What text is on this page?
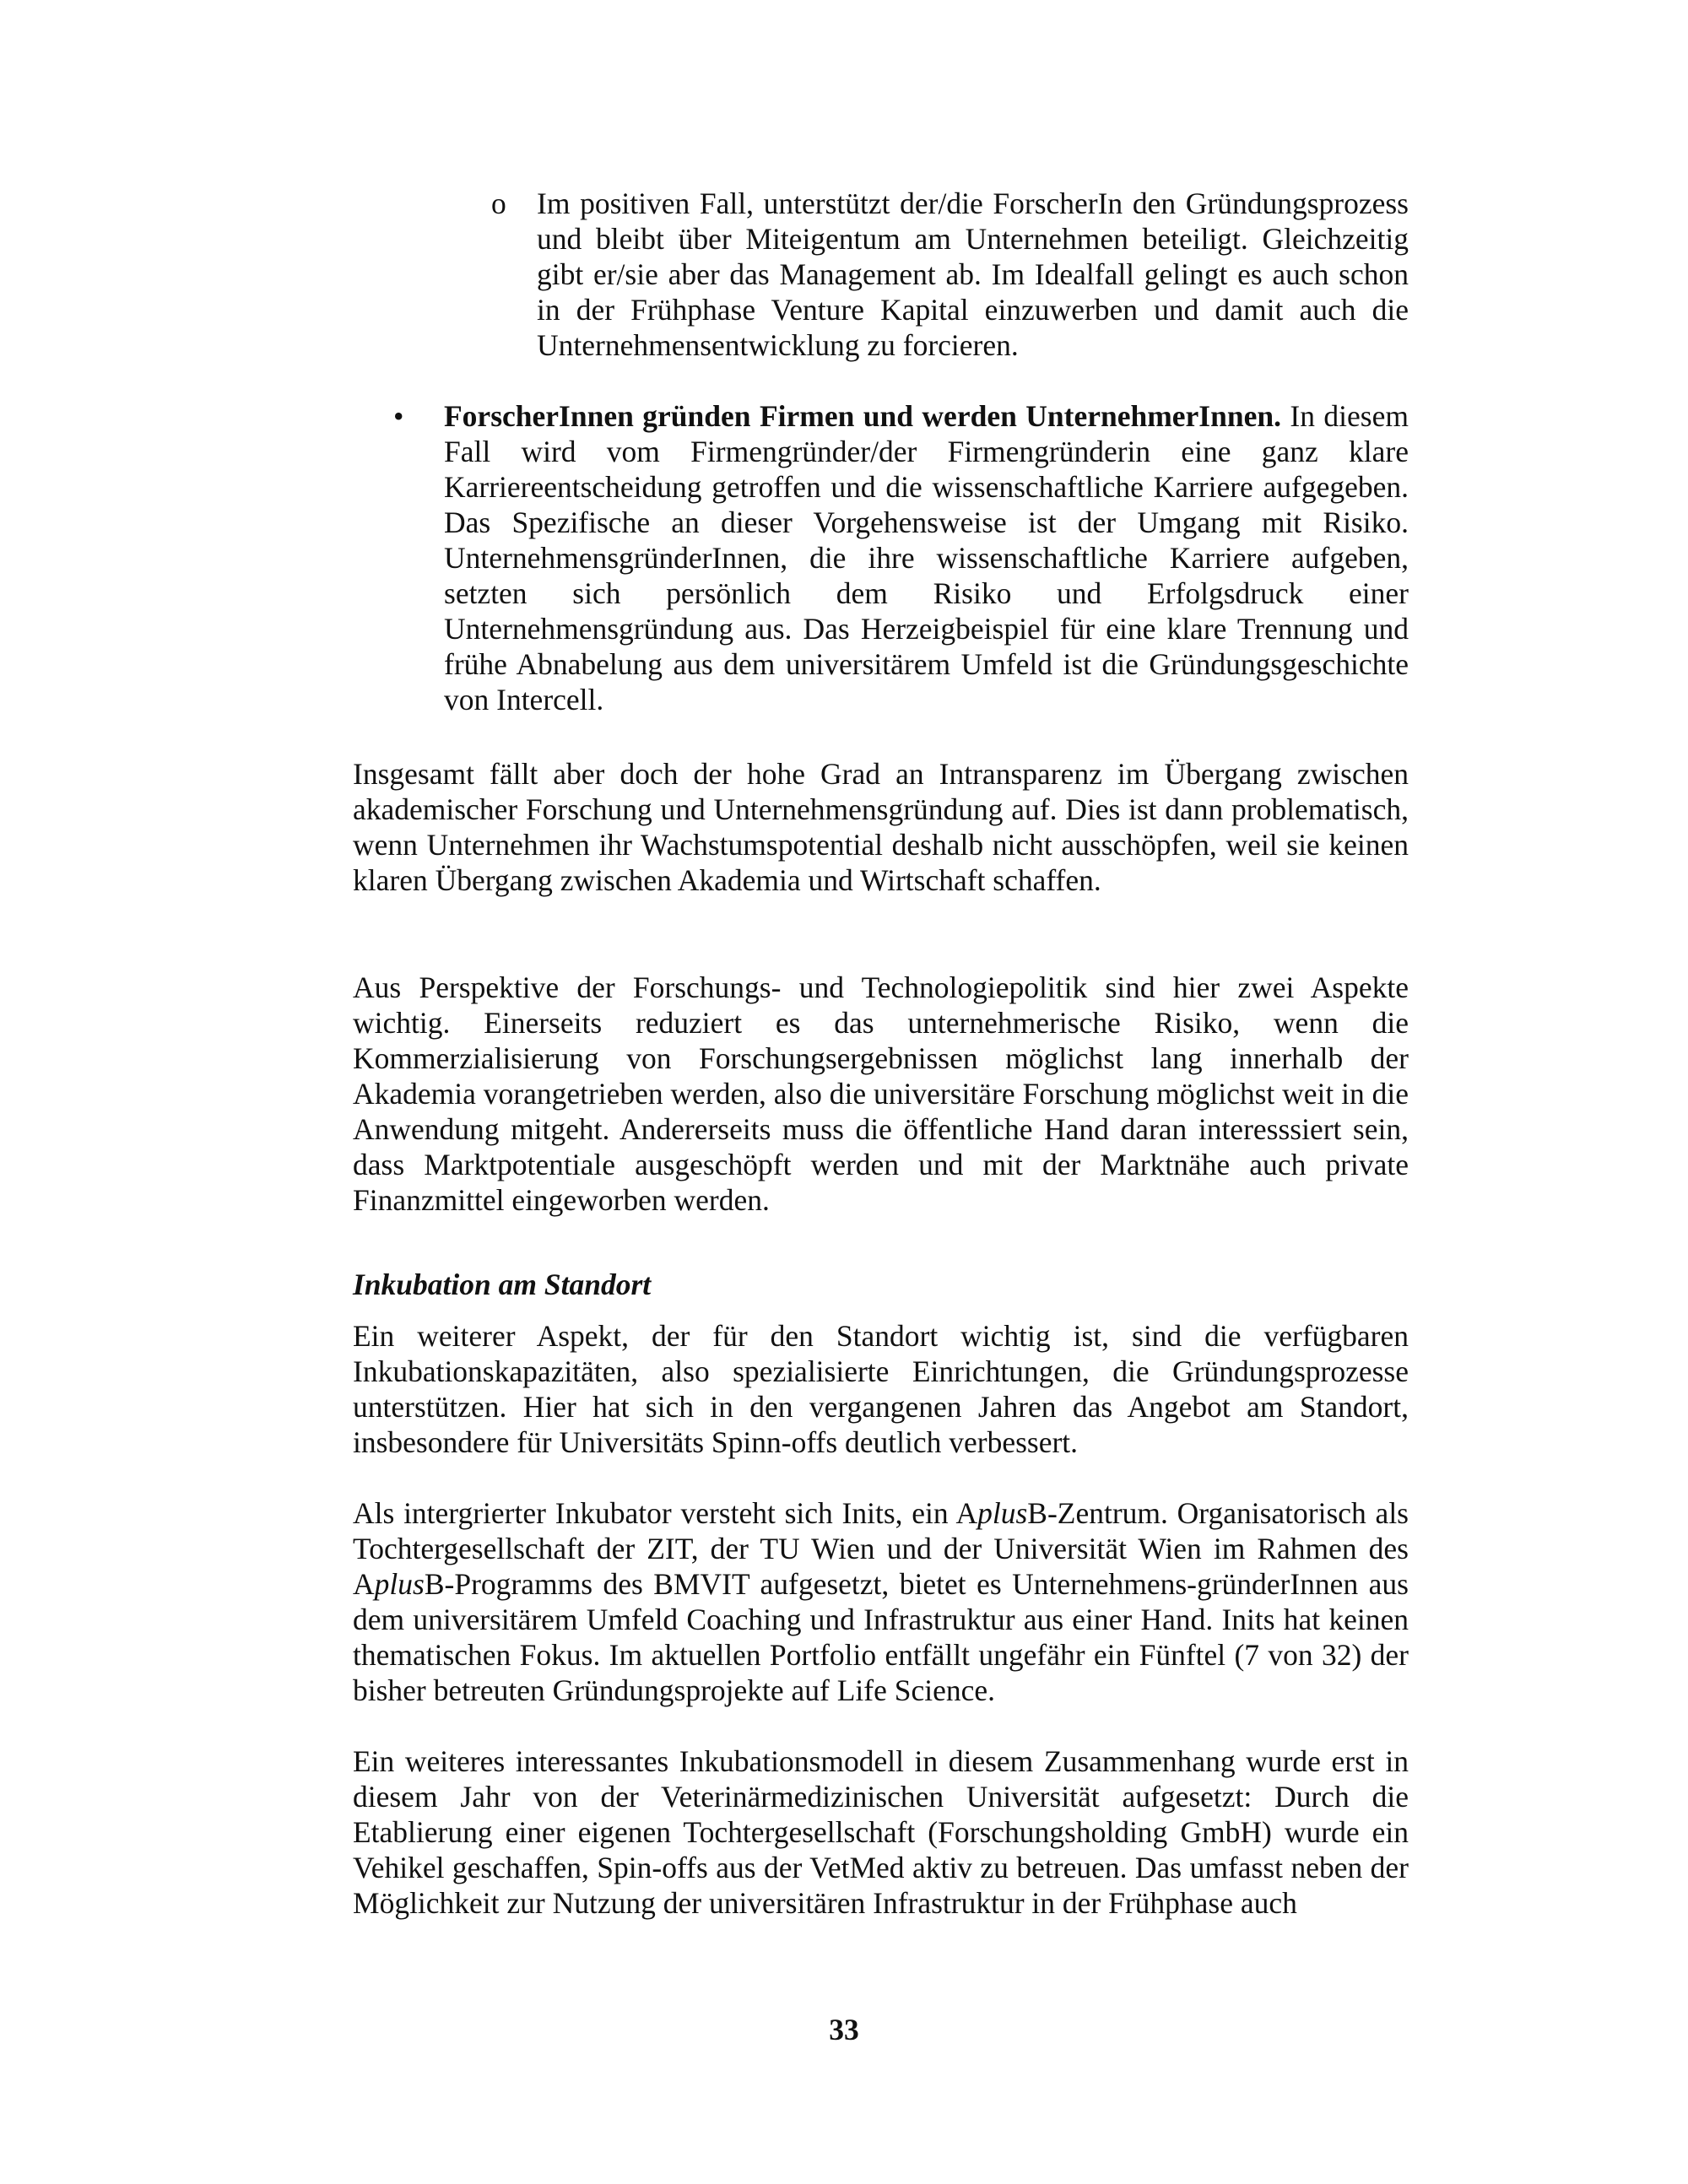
o Im positiven Fall, unterstützt der/die ForscherIn den Gründungsprozess und bleibt über Miteigentum am Unternehmen beteiligt. Gleichzeitig gibt er/sie aber das Management ab. Im Idealfall gelingt es auch schon in der Frühphase Venture Kapital einzuwerben und damit auch die Unternehmensentwicklung zu forcieren.

• ForscherInnen gründen Firmen und werden UnternehmerInnen. In diesem Fall wird vom Firmengründer/der Firmengründerin eine ganz klare Karriereentscheidung getroffen und die wissenschaftliche Karriere aufgegeben. Das Spezifische an dieser Vorgehensweise ist der Umgang mit Risiko. UnternehmensgründerInnen, die ihre wissenschaftliche Karriere aufgeben, setzten sich persönlich dem Risiko und Erfolgsdruck einer Unternehmensgründung aus. Das Herzeigbeispiel für eine klare Trennung und frühe Abnabelung aus dem universitärem Umfeld ist die Gründungsgeschichte von Intercell.

Insgesamt fällt aber doch der hohe Grad an Intransparenz im Übergang zwischen akademischer Forschung und Unternehmensgründung auf. Dies ist dann problematisch, wenn Unternehmen ihr Wachstumspotential deshalb nicht ausschöpfen, weil sie keinen klaren Übergang zwischen Akademia und Wirtschaft schaffen.

Aus Perspektive der Forschungs- und Technologiepolitik sind hier zwei Aspekte wichtig. Einerseits reduziert es das unternehmerische Risiko, wenn die Kommerzialisierung von Forschungsergebnissen möglichst lang innerhalb der Akademia vorangetrieben werden, also die universitäre Forschung möglichst weit in die Anwendung mitgeht. Andererseits muss die öffentliche Hand daran interesssiert sein, dass Marktpotentiale ausgeschöpft werden und mit der Marktnähe auch private Finanzmittel eingeworben werden.

Inkubation am Standort

Ein weiterer Aspekt, der für den Standort wichtig ist, sind die verfügbaren Inkubationskapazitäten, also spezialisierte Einrichtungen, die Gründungsprozesse unterstützen. Hier hat sich in den vergangenen Jahren das Angebot am Standort, insbesondere für Universitäts Spinn-offs deutlich verbessert.

Als intergrierter Inkubator versteht sich Inits, ein AplusB-Zentrum. Organisatorisch als Tochtergesellschaft der ZIT, der TU Wien und der Universität Wien im Rahmen des AplusB-Programms des BMVIT aufgesetzt, bietet es Unternehmens-gründerInnen aus dem universitärem Umfeld Coaching und Infrastruktur aus einer Hand. Inits hat keinen thematischen Fokus. Im aktuellen Portfolio entfällt ungefähr ein Fünftel (7 von 32) der bisher betreuten Gründungsprojekte auf Life Science.

Ein weiteres interessantes Inkubationsmodell in diesem Zusammenhang wurde erst in diesem Jahr von der Veterinärmedizinischen Universität aufgesetzt: Durch die Etablierung einer eigenen Tochtergesellschaft (Forschungsholding GmbH) wurde ein Vehikel geschaffen, Spin-offs aus der VetMed aktiv zu betreuen. Das umfasst neben der Möglichkeit zur Nutzung der universitären Infrastruktur in der Frühphase auch

33
